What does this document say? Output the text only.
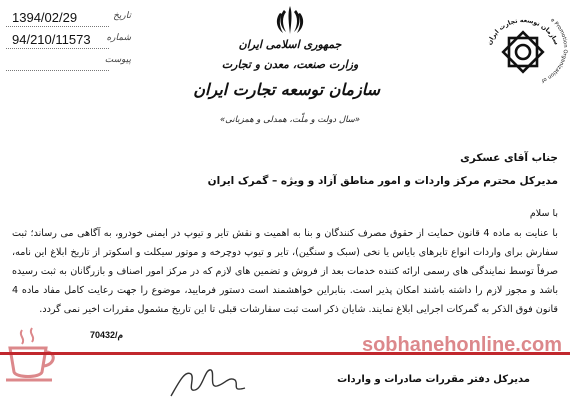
1394/02/29	تاریخ
94/210/11573 شماره
پیوست
جمهوری اسلامی ایران
وزارت صنعت، معدن و تجارت
سازمان توسعه تجارت ایران
«سال دولت و ملّت، همدلی و همزبانی»
سازمان توسعه تجارت ایران
e Promotion Organization of
جناب آقای عسکری
مدیرکل محترم مرکز واردات و امور مناطق آزاد و ویژه – گمرک ایران
با سلام
با عنایت به ماده 4 قانون حمایت از حقوق مصرف کنندگان و بنا به اهمیت و نقش تایر و تیوپ در ایمنی خودرو، به آگاهی می رساند؛ ثبت سفارش برای واردات انواع تایرهای بایاس یا نخی (سبک و سنگین)، تایر و تیوپ دوچرخه و موتور سیکلت و اسکوتر از تاریخ ابلاغ این نامه، صرفاً توسط نمایندگی های رسمی ارائه کننده خدمات بعد از فروش و تضمین های لازم که در مرکز امور اصناف و بازرگانان به ثبت رسیده باشد و مجوز لازم را داشته باشند امکان پذیر است. بنابراین خواهشمند است دستور فرمایید، موضوع را جهت رعایت کامل مفاد ماده 4 قانون فوق الذکر به گمرکات اجرایی ابلاغ نمایند. شایان ذکر است ثبت سفارشات قبلی تا این تاریخ مشمول مقررات اخیر نمی گردد.
70432/م	sobhanehonline.com
مدیرکل دفتر مقررات صادرات و واردات
